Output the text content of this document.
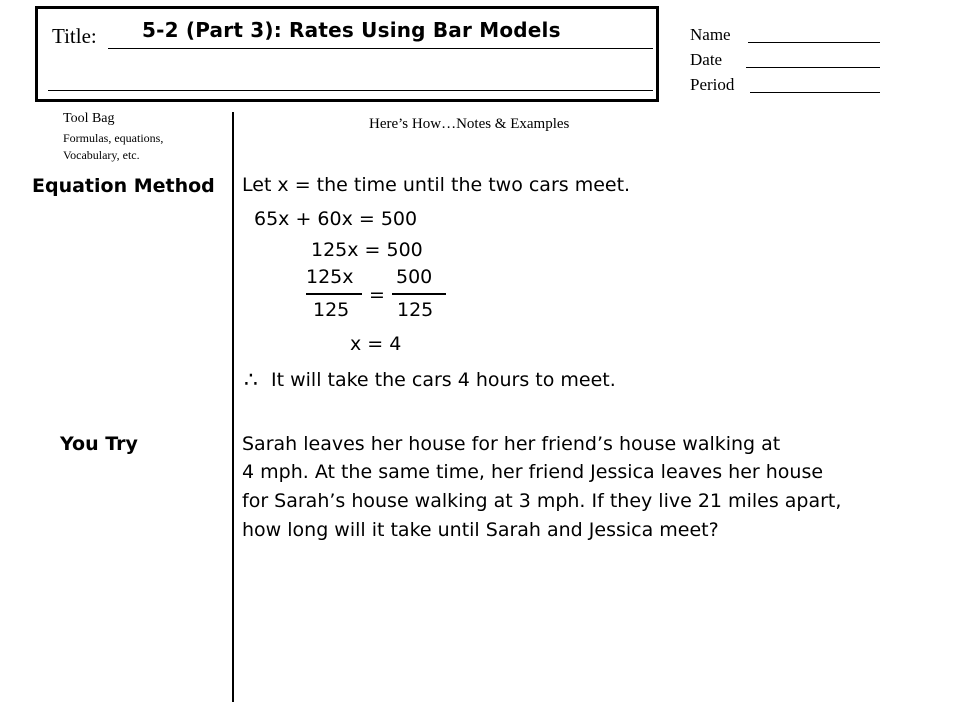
Title: 5-2 (Part 3): Rates Using Bar Models	Name
Date
Period
Tool Bag
Formulas, equations,
Vocabulary, etc.
Here’s How…Notes & Examples
Equation Method Let x = the time until the two cars meet.
65x + 60x = 500
125x = 500
125x
125
=
500
125
x = 4
∴ It will take the cars 4 hours to meet.
You Try	Sarah leaves her house for her friend’s house walking at
4 mph. At the same time, her friend Jessica leaves her house
for Sarah’s house walking at 3 mph. If they live 21 miles apart,
how long will it take until Sarah and Jessica meet?
